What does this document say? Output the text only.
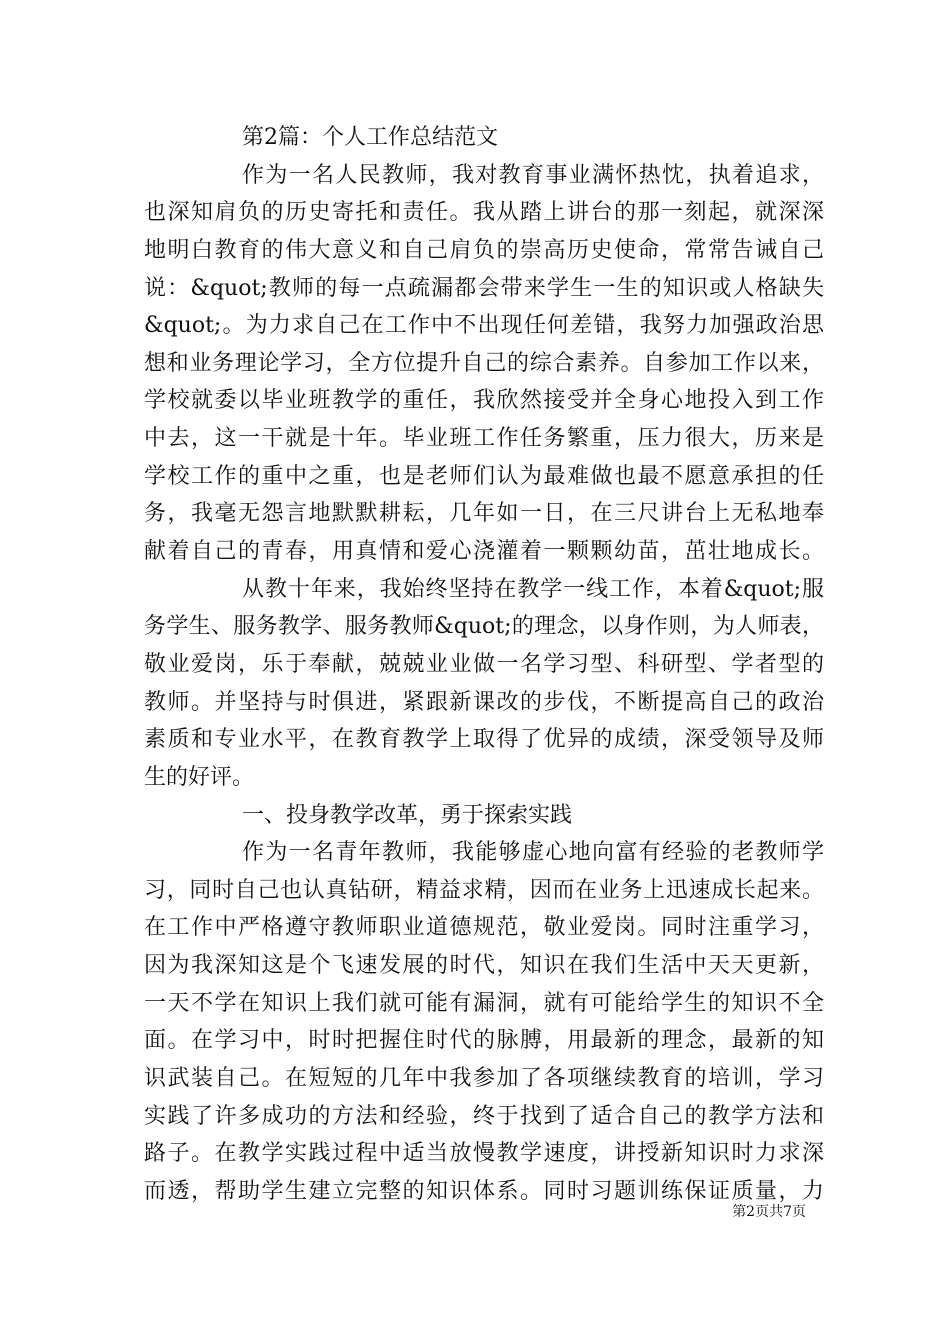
第2篇：个人工作总结范文
作为一名人民教师，我对教育事业满怀热忱，执着追求，
也深知肩负的历史寄托和责任。我从踏上讲台的那一刻起，就深深
地明白教育的伟大意义和自己肩负的崇高历史使命，常常告诫自己
说：&quot;教师的每一点疏漏都会带来学生一生的知识或人格缺失
&quot;。为力求自己在工作中不出现任何差错，我努力加强政治思
想和业务理论学习，全方位提升自己的综合素养。自参加工作以来，
学校就委以毕业班教学的重任，我欣然接受并全身心地投入到工作
中去，这一干就是十年。毕业班工作任务繁重，压力很大，历来是
学校工作的重中之重，也是老师们认为最难做也最不愿意承担的任
务，我毫无怨言地默默耕耘，几年如一日，在三尺讲台上无私地奉
献着自己的青春，用真情和爱心浇灌着一颗颗幼苗，茁壮地成长。
从教十年来，我始终坚持在教学一线工作，本着&quot;服
务学生、服务教学、服务教师&quot;的理念，以身作则，为人师表，
敬业爱岗，乐于奉献，兢兢业业做一名学习型、科研型、学者型的
教师。并坚持与时俱进，紧跟新课改的步伐，不断提高自己的政治
素质和专业水平，在教育教学上取得了优异的成绩，深受领导及师
生的好评。
一、投身教学改革，勇于探索实践
作为一名青年教师，我能够虚心地向富有经验的老教师学
习，同时自己也认真钻研，精益求精，因而在业务上迅速成长起来。
在工作中严格遵守教师职业道德规范，敬业爱岗。同时注重学习，
因为我深知这是个飞速发展的时代，知识在我们生活中天天更新，
一天不学在知识上我们就可能有漏洞，就有可能给学生的知识不全
面。在学习中，时时把握住时代的脉膊，用最新的理念，最新的知
识武装自己。在短短的几年中我参加了各项继续教育的培训，学习
实践了许多成功的方法和经验，终于找到了适合自己的教学方法和
路子。在教学实践过程中适当放慢教学速度，讲授新知识时力求深
而透，帮助学生建立完整的知识体系。同时习题训练保证质量，力
第2页共7页
